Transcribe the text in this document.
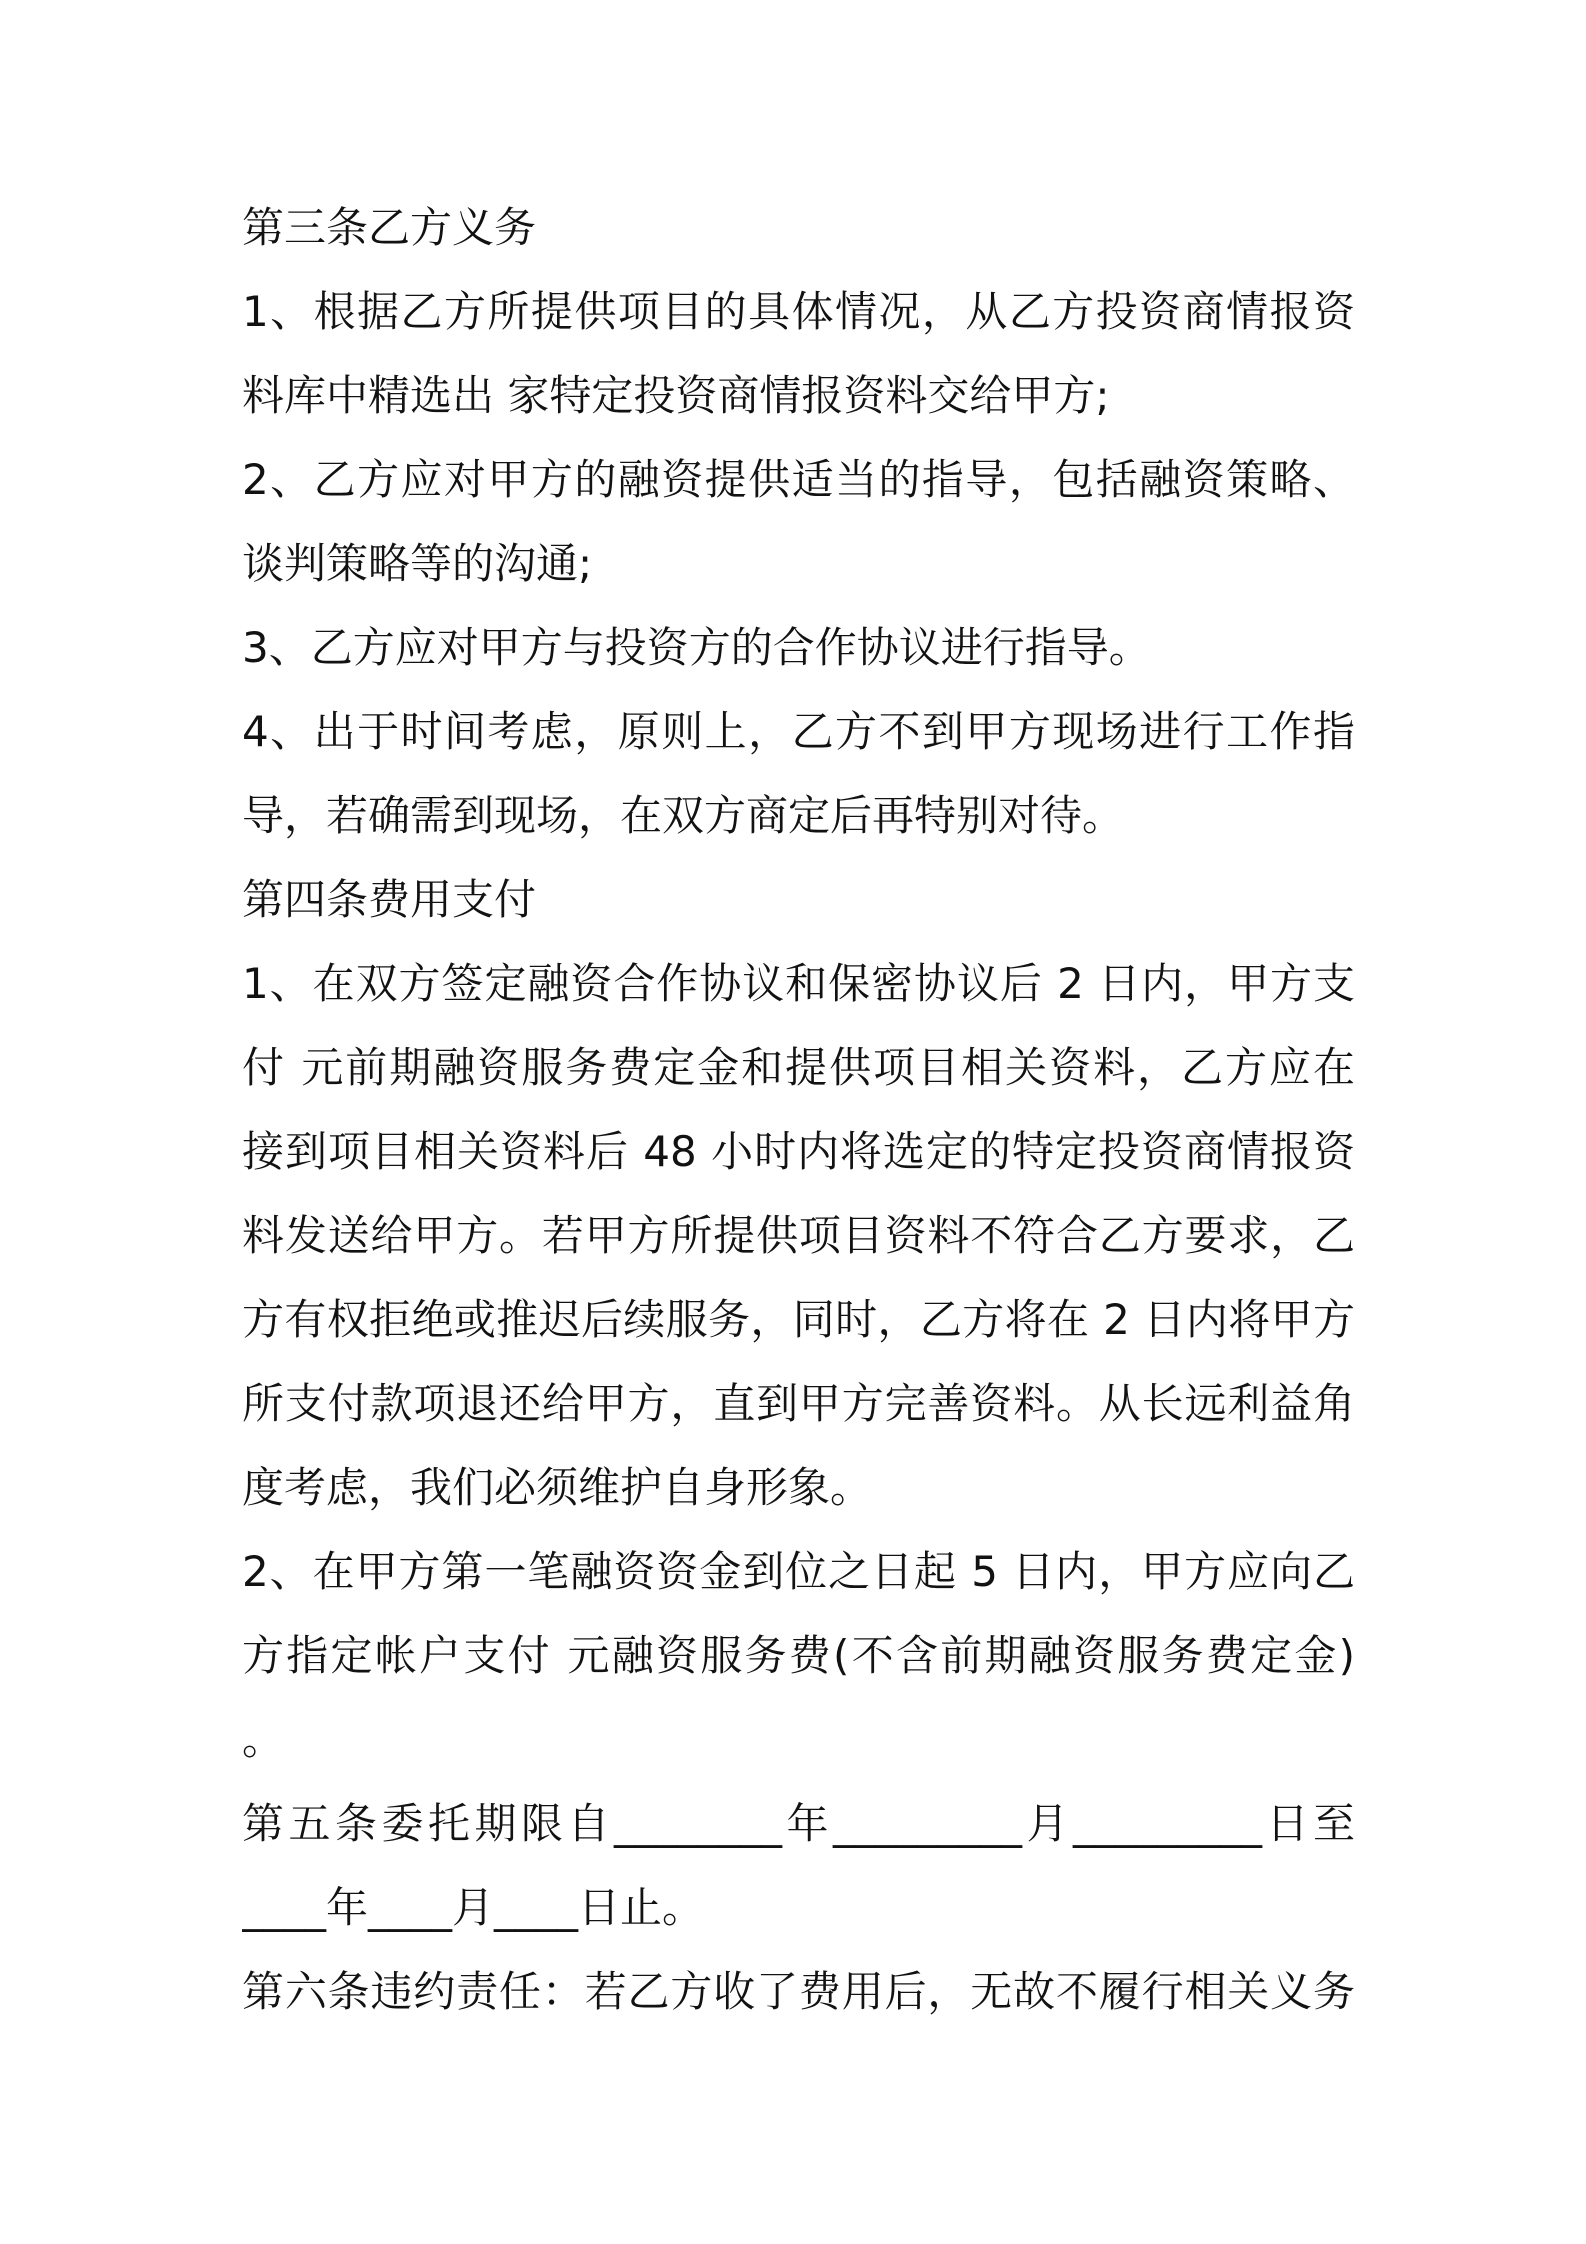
第三条乙方义务
1、根据乙方所提供项目的具体情况，从乙方投资商情报资
料库中精选出 家特定投资商情报资料交给甲方;
2、乙方应对甲方的融资提供适当的指导，包括融资策略、
谈判策略等的沟通;
3、乙方应对甲方与投资方的合作协议进行指导。
4、出于时间考虑，原则上，乙方不到甲方现场进行工作指
导，若确需到现场，在双方商定后再特别对待。
第四条费用支付
1、在双方签定融资合作协议和保密协议后 2 日内，甲方支
付 元前期融资服务费定金和提供项目相关资料，乙方应在
接到项目相关资料后 48 小时内将选定的特定投资商情报资
料发送给甲方。若甲方所提供项目资料不符合乙方要求，乙
方有权拒绝或推迟后续服务，同时，乙方将在 2 日内将甲方
所支付款项退还给甲方，直到甲方完善资料。从长远利益角
度考虑，我们必须维护自身形象。
2、在甲方第一笔融资资金到位之日起 5 日内，甲方应向乙
方指定帐户支付 元融资服务费(不含前期融资服务费定金)
。
第五条委托期限自________年_________月_________日至
____年____月____日止。
第六条违约责任：若乙方收了费用后，无故不履行相关义务
